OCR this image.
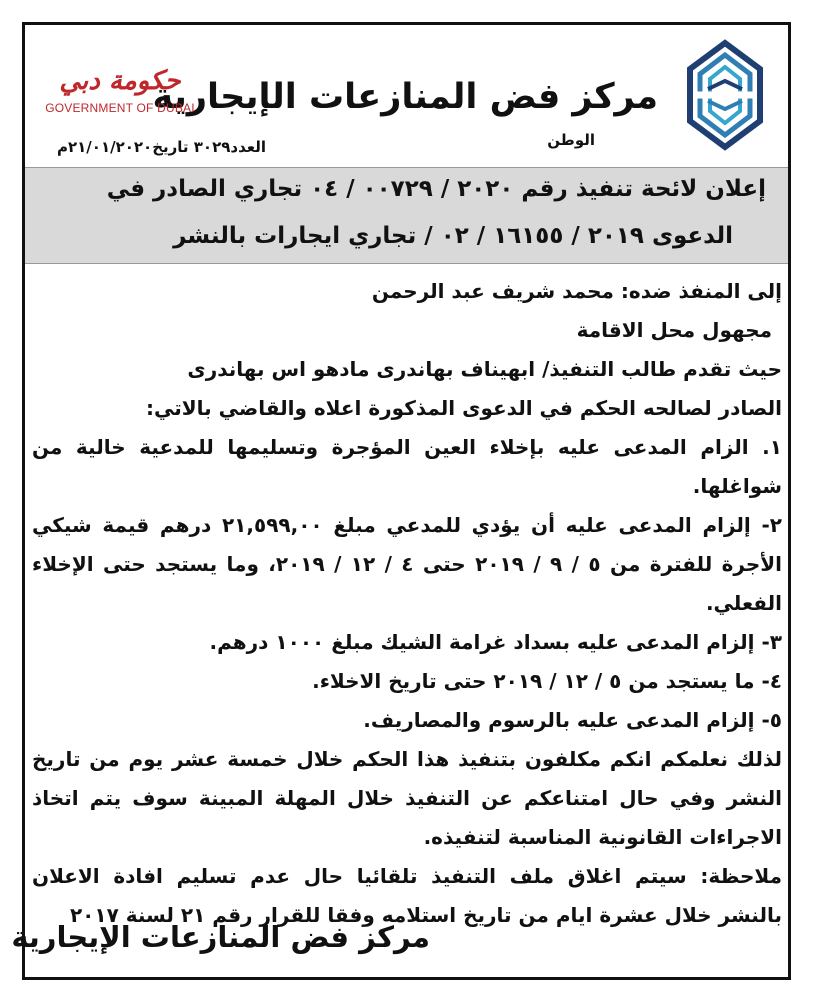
مركز فض المنازعات الإيجارية
الوطن
حكومة دبي
GOVERNMENT OF DUBAI
العدد٣٠٢٩ تاريخ٢١/٠١/٢٠٢٠م
إعلان لائحة تنفيذ رقم ٢٠٢٠ / ٠٠٧٢٩ / ٠٤ تجاري الصادر في
الدعوى ٢٠١٩ / ١٦١٥٥ / ٠٢ / تجاري ايجارات بالنشر

إلى المنفذ ضده: محمد شريف عبد الرحمن

مجهول محل الاقامة

حيث تقدم طالب التنفيذ/ ابهيناف بهاندرى مادهو اس بهاندرى

الصادر لصالحه الحكم في الدعوى المذكورة اعلاه والقاضي بالاتي:

١. الزام المدعى عليه بإخلاء العين المؤجرة وتسليمها للمدعية خالية من شواغلها.

٢- إلزام المدعى عليه أن يؤدي للمدعي مبلغ ٢١,٥٩٩,٠٠ درهم قيمة شيكي الأجرة للفترة من ٥ / ٩ / ٢٠١٩ حتى ٤ / ١٢ / ٢٠١٩، وما يستجد حتى الإخلاء الفعلي.

٣- إلزام المدعى عليه بسداد غرامة الشيك مبلغ ١٠٠٠ درهم.

٤- ما يستجد من ٥ / ١٢ / ٢٠١٩ حتى تاريخ الاخلاء.

٥- إلزام المدعى عليه بالرسوم والمصاريف.

لذلك نعلمكم انكم مكلفون بتنفيذ هذا الحكم خلال خمسة عشر يوم من تاريخ النشر وفي حال امتناعكم عن التنفيذ خلال المهلة المبينة سوف يتم اتخاذ الاجراءات القانونية المناسبة لتنفيذه.

ملاحظة: سيتم اغلاق ملف التنفيذ تلقائيا حال عدم تسليم افادة الاعلان بالنشر خلال عشرة ايام من تاريخ استلامه وفقا للقرار رقم ٢١ لسنة ٢٠١٧

مركز فض المنازعات الإيجارية
